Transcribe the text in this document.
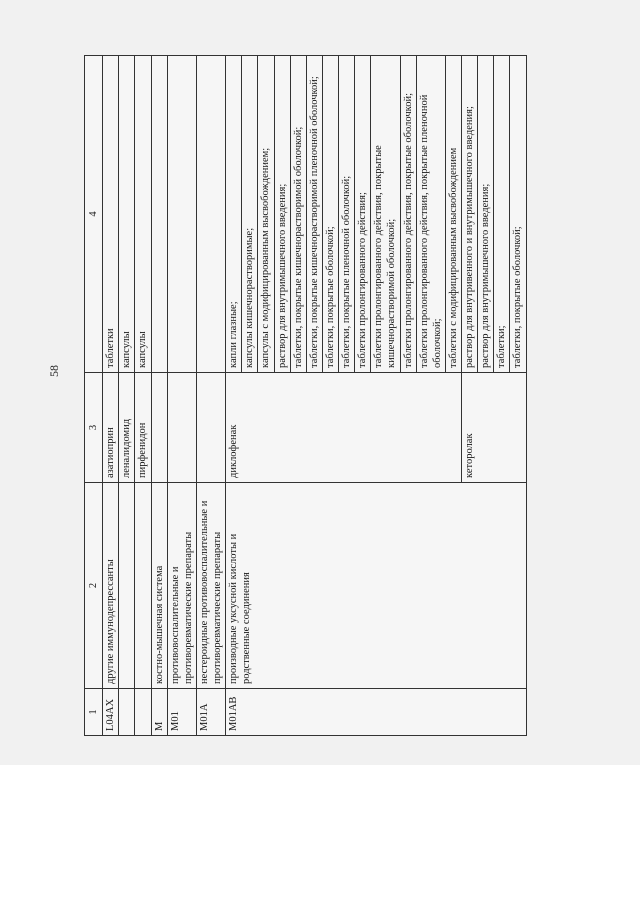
58
1	2	3	4
L04AX	другие иммунодепрессанты	азатиоприн	таблетки
		леналидомид	капсулы
		пирфенидон	капсулы
M	костно-мышечная система		
M01	противовоспалительные и противоревматические препараты		
M01A	нестероидные противовоспалительные и противоревматические препараты		
M01AB	производные уксусной кислоты и родственные соединения	диклофенак	капли глазные;
			капсулы кишечнорастворимые;
			капсулы с модифицированным высвобождением;
			раствор для внутримышечного введения;
			таблетки, покрытые кишечнорастворимой оболочкой;
			таблетки, покрытые кишечнорастворимой пленочной оболочкой;
			таблетки, покрытые оболочкой;
			таблетки, покрытые пленочной оболочкой;
			таблетки пролонгированного действия;
			таблетки пролонгированного действия, покрытые кишечнорастворимой оболочкой;
			таблетки пролонгированного действия, покрытые оболочкой;
			таблетки пролонгированного действия, покрытые пленочной оболочкой;
			таблетки с модифицированным высвобождением
		кеторолак	раствор для внутривенного и внутримышечного введения;
			раствор для внутримышечного введения;
			таблетки;
			таблетки, покрытые оболочкой;
